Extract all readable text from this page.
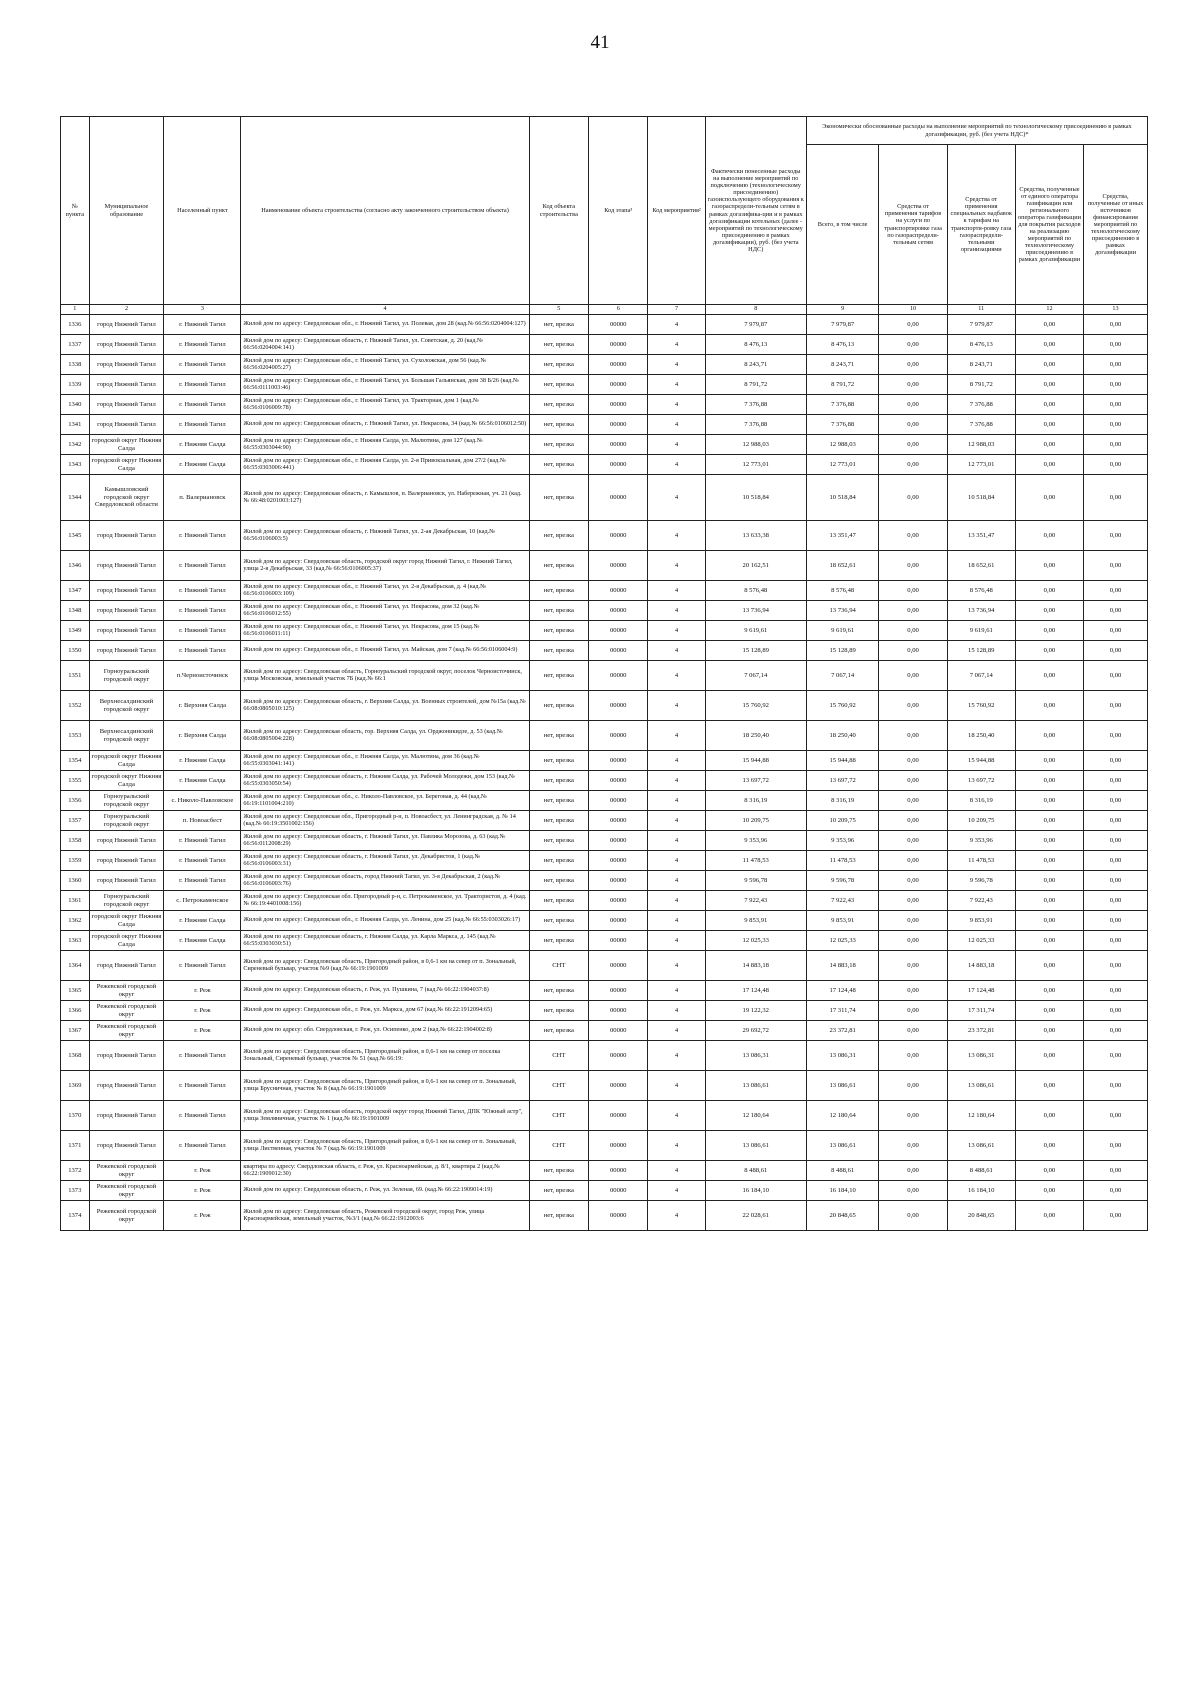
41
№ пункта	Муниципальное образование	Населенный пункт	Наименование объекта строительства (согласно акту законченного строительством объекта)	Код объекта строительства	Код этапа³	Код мероприятия²	Фактически понесенные расходы на выполнение мероприятий по подключению (технологическому присоединению) газоиспользующего оборудования к газораспредели-тельным сетям в рамках догазифика-ции и в рамках догазификации котельных (далее - мероприятий по технологическому присоединению в рамках догазификации), руб. (без учета НДС)	Экономически обоснованные расходы на выполнение мероприятий по технологическому присоединению в рамках догазификации, руб. (без учета НДС)*				
								Всего, в том числе	Средства от применения тарифов на услуги по транспортировке газа по газораспредели-тельным сетям	Средства от применения специальных надбавок к тарифам на транспорти-ровку газа газораспредели-тельными организациями	Средства, полученные от единого оператора газификации или регионального оператора газификации для покрытия расходов на реализацию мероприятий по технологическому присоединению в рамках догазификации	Средства, полученные от иных источников финансирования мероприятий по технологическому присоединению в рамках догазификации
1	2	3	4	5	6	7	8	9	10	11	12	13
1336	город Нижний Тагил	г. Нижний Тагил	Жилой дом по адресу: Свердловская обл., г. Нижний Тагил, ул. Полевая, дом 28 (кад.№ 66:56:0204004:127)	нет, врезка	00000	4	7 979,87	7 979,87	0,00	7 979,87	0,00	0,00
1337	город Нижний Тагил	г. Нижний Тагил	Жилой дом по адресу: Свердловская область, г. Нижний Тагил, ул. Советская, д. 20 (кад.№ 66:56:0204004:141)	нет, врезка	00000	4	8 476,13	8 476,13	0,00	8 476,13	0,00	0,00
1338	город Нижний Тагил	г. Нижний Тагил	Жилой дом по адресу: Свердловская обл., г. Нижний Тагил, ул. Сухоложская, дом 56 (кад.№ 66:56:0204005:27)	нет, врезка	00000	4	8 243,71	8 243,71	0,00	8 243,71	0,00	0,00
1339	город Нижний Тагил	г. Нижний Тагил	Жилой дом по адресу: Свердловская обл., г. Нижний Тагил, ул. Большая Гальянская, дом 38 Б/26 (кад.№ 66:56:0111003:46)	нет, врезка	00000	4	8 791,72	8 791,72	0,00	8 791,72	0,00	0,00
1340	город Нижний Тагил	г. Нижний Тагил	Жилой дом по адресу: Свердловская обл., г. Нижний Тагил, ул. Тракторная, дом 1 (кад.№ 66:56:0106009:78)	нет, врезка	00000	4	7 376,88	7 376,88	0,00	7 376,88	0,00	0,00
1341	город Нижний Тагил	г. Нижний Тагил	Жилой дом по адресу: Свердловская область, г. Нижний Тагил, ул. Некрасова, 34 (кад.№ 66:56:0106012:50)	нет, врезка	00000	4	7 376,88	7 376,88	0,00	7 376,88	0,00	0,00
1342	городской округ Нижняя Салда	г. Нижняя Салда	Жилой дом по адресу: Свердловская обл., г. Нижняя Салда, ул. Малютина, дом 127 (кад.№ 66:55:0303044:90)	нет, врезка	00000	4	12 988,03	12 988,03	0,00	12 988,03	0,00	0,00
1343	городской округ Нижняя Салда	г. Нижняя Салда	Жилой дом по адресу: Свердловская обл., г. Нижняя Салда, ул. 2-я Привокзальная, дом 27/2 (кад.№ 66:55:0303006:441)	нет, врезка	00000	4	12 773,01	12 773,01	0,00	12 773,01	0,00	0,00
1344	Камышловский городской округ Свердловской области	п. Валериановск	Жилой дом по адресу: Свердловская область, г. Камышлов, п. Валериановск, ул. Набережная, уч. 21 (кад.№ 66:48:0201003:127)	нет, врезка	00000	4	10 518,84	10 518,84	0,00	10 518,84	0,00	0,00
1345	город Нижний Тагил	г. Нижний Тагил	Жилой дом по адресу: Свердловская область, г. Нижний Тагил, ул. 2-ая Декабрьская, 10 (кад.№ 66:56:0106003:5)	нет, врезка	00000	4	13 633,38	13 351,47	0,00	13 351,47	0,00	0,00
1346	город Нижний Тагил	г. Нижний Тагил	Жилой дом по адресу: Свердловская область, городской округ город Нижний Тагил, г. Нижний Тагил, улица 2-я Декабрьская, 33 (кад.№ 66:56:0106005:37)	нет, врезка	00000	4	20 162,51	18 652,61	0,00	18 652,61	0,00	0,00
1347	город Нижний Тагил	г. Нижний Тагил	Жилой дом по адресу: Свердловская обл., г. Нижний Тагил, ул. 2-я Декабрьская, д. 4 (кад.№ 66:56:0106003:109)	нет, врезка	00000	4	8 576,48	8 576,48	0,00	8 576,48	0,00	0,00
1348	город Нижний Тагил	г. Нижний Тагил	Жилой дом по адресу: Свердловская обл., г. Нижний Тагил, ул. Некрасова, дом 32 (кад.№ 66:56:0106012:55)	нет, врезка	00000	4	13 736,94	13 736,94	0,00	13 736,94	0,00	0,00
1349	город Нижний Тагил	г. Нижний Тагил	Жилой дом по адресу: Свердловская обл., г. Нижний Тагил, ул. Некрасова, дом 15 (кад.№ 66:56:0106011:11)	нет, врезка	00000	4	9 619,61	9 619,61	0,00	9 619,61	0,00	0,00
1350	город Нижний Тагил	г. Нижний Тагил	Жилой дом по адресу: Свердловская обл., г. Нижний Тагил, ул. Майская, дом 7 (кад.№ 66:56:0106004:9)	нет, врезка	00000	4	15 128,89	15 128,89	0,00	15 128,89	0,00	0,00
1351	Горноуральский городской округ	п.Черноисточинск	Жилой дом по адресу: Свердловская область, Горноуральский городской округ, поселок Черноисточинск, улица Московская, земельный участок 7Б (кад.№ 66:1	нет, врезка	00000	4	7 067,14	7 067,14	0,00	7 067,14	0,00	0,00
1352	Верхнесалдинский городской округ	г. Верхняя Салда	Жилой дом по адресу: Свердловская область, г. Верхняя Салда, ул. Военных строителей, дом №15а (кад.№ 66:08:0805010:125)	нет, врезка	00000	4	15 760,92	15 760,92	0,00	15 760,92	0,00	0,00
1353	Верхнесалдинский городской округ	г. Верхняя Салда	Жилой дом по адресу: Свердловская область, гор. Верхняя Салда, ул. Орджоникидзе, д. 53 (кад.№ 66:08:0805004:228)	нет, врезка	00000	4	18 250,40	18 250,40	0,00	18 250,40	0,00	0,00
1354	городской округ Нижняя Салда	г. Нижняя Салда	Жилой дом по адресу: Свердловская обл., г. Нижняя Салда, ул. Малютина, дом 36 (кад.№ 66:55:0303041:141)	нет, врезка	00000	4	15 944,88	15 944,88	0,00	15 944,88	0,00	0,00
1355	городской округ Нижняя Салда	г. Нижняя Салда	Жилой дом по адресу: Свердловская область, г. Нижняя Салда, ул. Рабочей Молодежи, дом 153 (кад.№ 66:55:0303050:54)	нет, врезка	00000	4	13 697,72	13 697,72	0,00	13 697,72	0,00	0,00
1356	Горноуральский городской округ	с. Николо-Павловское	Жилой дом по адресу: Свердловская обл., с. Николо-Павловское, ул. Береговая, д. 44 (кад.№ 66:19:1101004:210)	нет, врезка	00000	4	8 316,19	8 316,19	0,00	8 316,19	0,00	0,00
1357	Горноуральский городской округ	п. Новоасбест	Жилой дом по адресу: Свердловская обл., Пригородный р-н, п. Новоасбест, ул. Ленинградская, д. № 14 (кад.№ 66:19:3501002:156)	нет, врезка	00000	4	10 209,75	10 209,75	0,00	10 209,75	0,00	0,00
1358	город Нижний Тагил	г. Нижний Тагил	Жилой дом по адресу: Свердловская область, г. Нижний Тагил, ул. Павлика Морозова, д. 63 (кад.№ 66:56:0112008:29)	нет, врезка	00000	4	9 353,96	9 353,96	0,00	9 353,96	0,00	0,00
1359	город Нижний Тагил	г. Нижний Тагил	Жилой дом по адресу: Свердловская область, г. Нижний Тагил, ул. Декабристов, 1 (кад.№ 66:56:0106003:31)	нет, врезка	00000	4	11 478,53	11 478,53	0,00	11 478,53	0,00	0,00
1360	город Нижний Тагил	г. Нижний Тагил	Жилой дом по адресу: Свердловская область, город Нижний Тагил, ул. 3-я Декабрьская, 2 (кад.№ 66:56:0106003:76)	нет, врезка	00000	4	9 596,78	9 596,78	0,00	9 596,78	0,00	0,00
1361	Горноуральский городской округ	с. Петрокаменское	Жилой дом по адресу: Свердловская обл. Пригородный р-н, с. Петрокаменское, ул. Трактористов, д. 4 (кад.№ 66:19:4401008:156)	нет, врезка	00000	4	7 922,43	7 922,43	0,00	7 922,43	0,00	0,00
1362	городской округ Нижняя Салда	г. Нижняя Салда	Жилой дом по адресу: Свердловская обл., г. Нижняя Салда, ул. Ленина, дом 25 (кад.№ 66:55:0303026:17)	нет, врезка	00000	4	9 853,91	9 853,91	0,00	9 853,91	0,00	0,00
1363	городской округ Нижняя Салда	г. Нижняя Салда	Жилой дом по адресу: Свердловская область, г. Нижняя Салда, ул. Карла Маркса, д. 145 (кад.№ 66:55:0303030:51)	нет, врезка	00000	4	12 025,33	12 025,33	0,00	12 025,33	0,00	0,00
1364	город Нижний Тагил	г. Нижний Тагил	Жилой дом по адресу: Свердловская область, Пригородный район, в 0,6-1 км на север от п. Зональный, Сиреневый бульвар, участок №9 (кад.№ 66:19:1901009	СНТ	00000	4	14 883,18	14 883,18	0,00	14 883,18	0,00	0,00
1365	Режевской городской округ	г. Реж	Жилой дом по адресу: Свердловская область, г. Реж, ул. Пушкина, 7 (кад.№ 66:22:1904037:8)	нет, врезка	00000	4	17 124,48	17 124,48	0,00	17 124,48	0,00	0,00
1366	Режевской городской округ	г. Реж	Жилой дом по адресу: Свердловская обл., г. Реж, ул. Маркса, дом 67 (кад.№ 66:22:1912094:65)	нет, врезка	00000	4	19 122,32	17 311,74	0,00	17 311,74	0,00	0,00
1367	Режевской городской округ	г. Реж	Жилой дом по адресу: обл. Свердловская, г. Реж, ул. Осипенко, дом 2 (кад.№ 66:22:1904002:8)	нет, врезка	00000	4	29 692,72	23 372,81	0,00	23 372,81	0,00	0,00
1368	город Нижний Тагил	г. Нижний Тагил	Жилой дом по адресу: Свердловская область, Пригородный район, в 0,6-1 км на север от поселка Зональный, Сиреневый бульвар, участок № 51 (кад.№ 66:19:	СНТ	00000	4	13 086,31	13 086,31	0,00	13 086,31	0,00	0,00
1369	город Нижний Тагил	г. Нижний Тагил	Жилой дом по адресу: Свердловская область, Пригородный район, в 0,6-1 км на север от п. Зональный, улица Брусничная, участок № 8 (кад.№ 66:19:1901009	СНТ	00000	4	13 086,61	13 086,61	0,00	13 086,61	0,00	0,00
1370	город Нижний Тагил	г. Нижний Тагил	Жилой дом по адресу: Свердловская область, городской округ город Нижний Тагил, ДПК "Южный астр", улица Земляничная, участок № 1 (кад.№ 66:19:1901009	СНТ	00000	4	12 180,64	12 180,64	0,00	12 180,64	0,00	0,00
1371	город Нижний Тагил	г. Нижний Тагил	Жилой дом по адресу: Свердловская область, Пригородный район, в 0,6-1 км на север от п. Зональный, улица Лиственная, участок № 7 (кад.№ 66:19:1901009	СНТ	00000	4	13 086,61	13 086,61	0,00	13 086,61	0,00	0,00
1372	Режевской городской округ	г. Реж	квартира по адресу: Свердловская область, г. Реж, ул. Красноармейская, д. 8/1, квартира 2 (кад.№ 66:22:1909012:30)	нет, врезка	00000	4	8 488,61	8 488,61	0,00	8 488,61	0,00	0,00
1373	Режевской городской округ	г. Реж	Жилой дом по адресу: Свердловская область, г. Реж, ул. Зеленая, 69. (кад.№ 66:22:1909014:19)	нет, врезка	00000	4	16 184,10	16 184,10	0,00	16 184,10	0,00	0,00
1374	Режевской городской округ	г. Реж	Жилой дом по адресу: Свердловская область, Режевской городской округ, город Реж, улица Красноармейская, земельный участок, №3/1 (кад.№ 66:22:1912003:6	нет, врезка	00000	4	22 028,61	20 848,65	0,00	20 848,65	0,00	0,00
